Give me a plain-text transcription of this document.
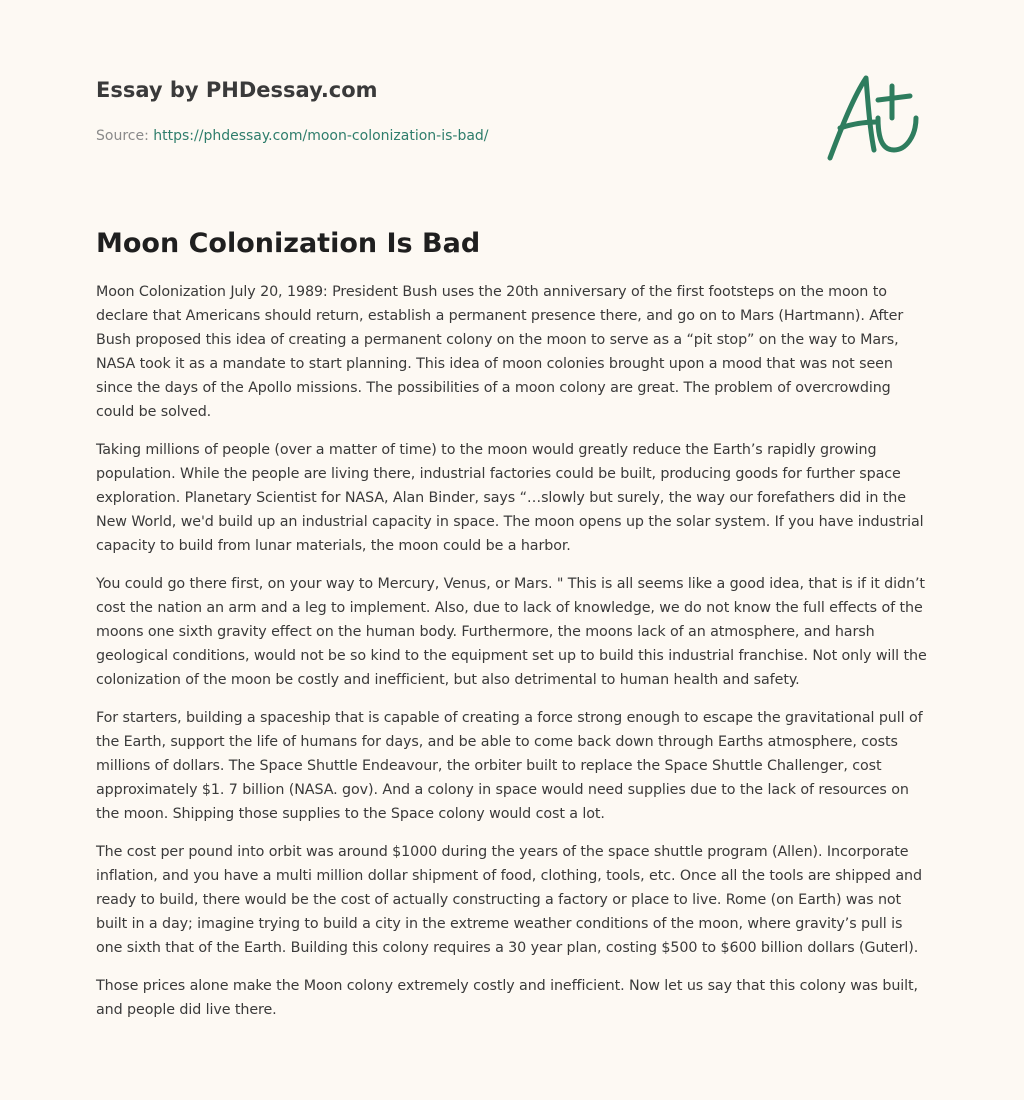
Essay by PHDessay.com
Source: https://phdessay.com/moon-colonization-is-bad/
Moon Colonization Is Bad

Moon Colonization July 20, 1989: President Bush uses the 20th anniversary of the first footsteps on the moon to declare that Americans should return, establish a permanent presence there, and go on to Mars (Hartmann). After Bush proposed this idea of creating a permanent colony on the moon to serve as a “pit stop” on the way to Mars, NASA took it as a mandate to start planning. This idea of moon colonies brought upon a mood that was not seen since the days of the Apollo missions. The possibilities of a moon colony are great. The problem of overcrowding could be solved.

Taking millions of people (over a matter of time) to the moon would greatly reduce the Earth’s rapidly growing population. While the people are living there, industrial factories could be built, producing goods for further space exploration. Planetary Scientist for NASA, Alan Binder, says “…slowly but surely, the way our forefathers did in the New World, we'd build up an industrial capacity in space. The moon opens up the solar system. If you have industrial capacity to build from lunar materials, the moon could be a harbor.

You could go there first, on your way to Mercury, Venus, or Mars. " This is all seems like a good idea, that is if it didn’t cost the nation an arm and a leg to implement. Also, due to lack of knowledge, we do not know the full effects of the moons one sixth gravity effect on the human body. Furthermore, the moons lack of an atmosphere, and harsh geological conditions, would not be so kind to the equipment set up to build this industrial franchise. Not only will the colonization of the moon be costly and inefficient, but also detrimental to human health and safety.

For starters, building a spaceship that is capable of creating a force strong enough to escape the gravitational pull of the Earth, support the life of humans for days, and be able to come back down through Earths atmosphere, costs millions of dollars. The Space Shuttle Endeavour, the orbiter built to replace the Space Shuttle Challenger, cost approximately $1. 7 billion (NASA. gov). And a colony in space would need supplies due to the lack of resources on the moon. Shipping those supplies to the Space colony would cost a lot.

The cost per pound into orbit was around $1000 during the years of the space shuttle program (Allen). Incorporate inflation, and you have a multi million dollar shipment of food, clothing, tools, etc. Once all the tools are shipped and ready to build, there would be the cost of actually constructing a factory or place to live. Rome (on Earth) was not built in a day; imagine trying to build a city in the extreme weather conditions of the moon, where gravity’s pull is one sixth that of the Earth. Building this colony requires a 30 year plan, costing $500 to $600 billion dollars (Guterl).

Those prices alone make the Moon colony extremely costly and inefficient. Now let us say that this colony was built, and people did live there.
